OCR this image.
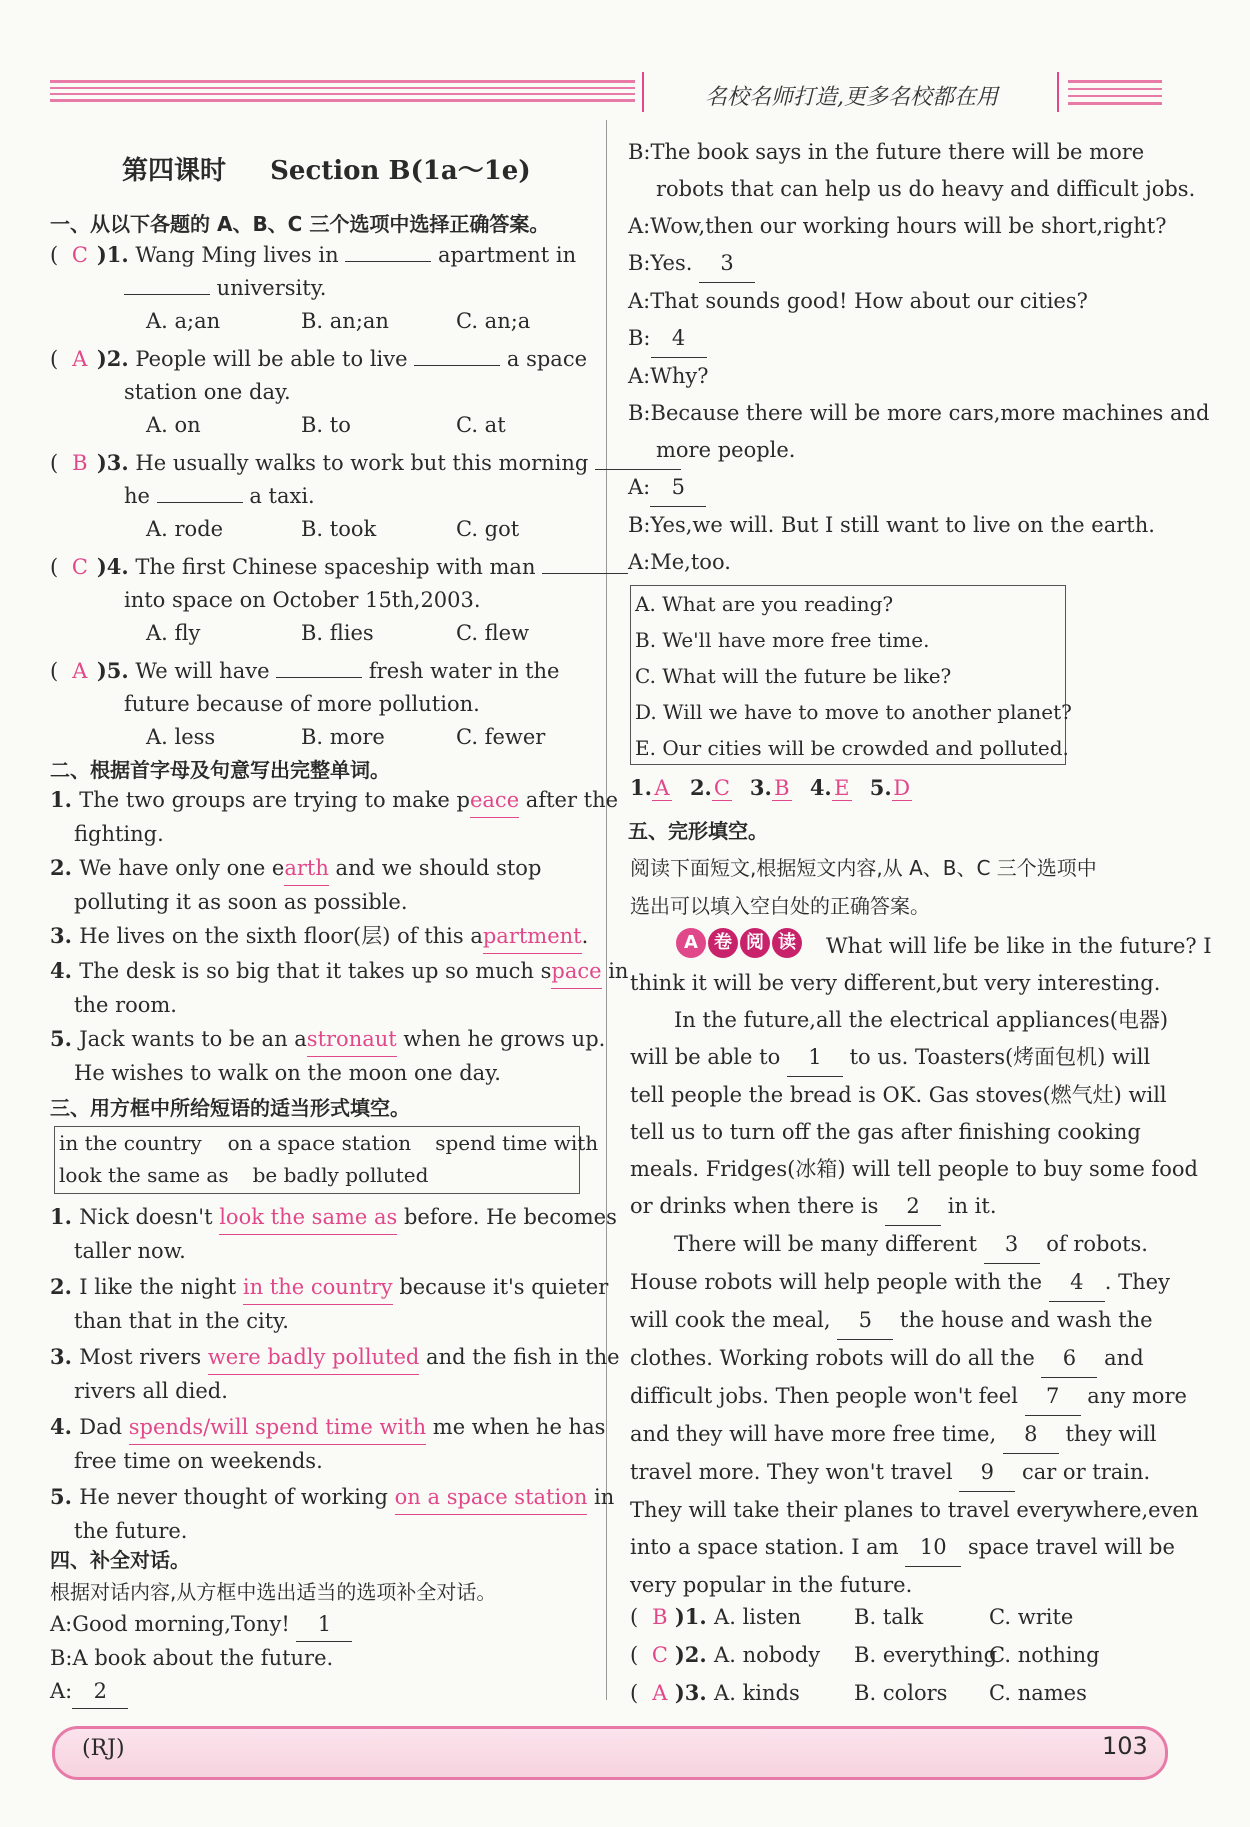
名校名师打造,更多名校都在用
第四课时 Section B(1a～1e)
一、从以下各题的 A、B、C 三个选项中选择正确答案。
( C )1. Wang Ming lives in	apartment in
university.
A. a;an	B. an;an	C. an;a
( A )2. People will be able to live	a space
station one day.
A. on	B. to	C. at
( B )3. He usually walks to work but this morning
he	a taxi.
A. rode	B. took	C. got
( C )4. The first Chinese spaceship with man
into space on October 15th,2003.
A. fly	B. flies	C. flew
( A )5. We will have	fresh water in the
future because of more pollution.
A. less	B. more	C. fewer
二、根据首字母及句意写出完整单词。
1. The two groups are trying to make peace after the
fighting.
2. We have only one earth and we should stop
polluting it as soon as possible.
3. He lives on the sixth floor(层) of this apartment.
4. The desk is so big that it takes up so much space in
the room.
5. Jack wants to be an astronaut when he grows up.
He wishes to walk on the moon one day.
三、用方框中所给短语的适当形式填空。
in the country on a space station spend time with
look the same as be badly polluted
1. Nick doesn't look the same as before. He becomes
taller now.
2. I like the night in the country because it's quieter
than that in the city.
3. Most rivers were badly polluted and the fish in the
rivers all died.
4. Dad spends/will spend time with me when he has
free time on weekends.
5. He never thought of working on a space station in
the future.
四、补全对话。
根据对话内容,从方框中选出适当的选项补全对话。
A:Good morning,Tony! 1
B:A book about the future.
A: 2
B:The book says in the future there will be more
robots that can help us do heavy and difficult jobs.
A:Wow,then our working hours will be short,right?
B:Yes. 3
A:That sounds good! How about our cities?
B: 4
A:Why?
B:Because there will be more cars,more machines and
more people.
A: 5
B:Yes,we will. But I still want to live on the earth.
A:Me,too.
A. What are you reading?
B. We'll have more free time.
C. What will the future be like?
D. Will we have to move to another planet?
E. Our cities will be crowded and polluted.
1. A 2.C 3. B 4. E 5.D
五、完形填空。
阅读下面短文,根据短文内容,从 A、B、C 三个选项中
选出可以填入空白处的正确答案。
A 卷 阅 读	What will life be like in the future? I
think it will be very different,but very interesting.
In the future,all the electrical appliances(电器)
will be able to 1 to us. Toasters(烤面包机) will
tell people the bread is OK. Gas stoves(燃气灶) will
tell us to turn off the gas after finishing cooking
meals. Fridges(冰箱) will tell people to buy some food
or drinks when there is 2 in it.
There will be many different 3 of robots.
House robots will help people with the 4 . They
will cook the meal, 5 the house and wash the
clothes. Working robots will do all the 6 and
difficult jobs. Then people won't feel 7 any more
and they will have more free time, 8 they will
travel more. They won't travel 9 car or train.
They will take their planes to travel everywhere,even
into a space station. I am 10 space travel will be
very popular in the future.
( B )1. A. listen	B. talk	C. write
( C )2. A. nobody B. everythingC. nothing
( A )3. A. kinds	B. colors C. names
(RJ)	103
